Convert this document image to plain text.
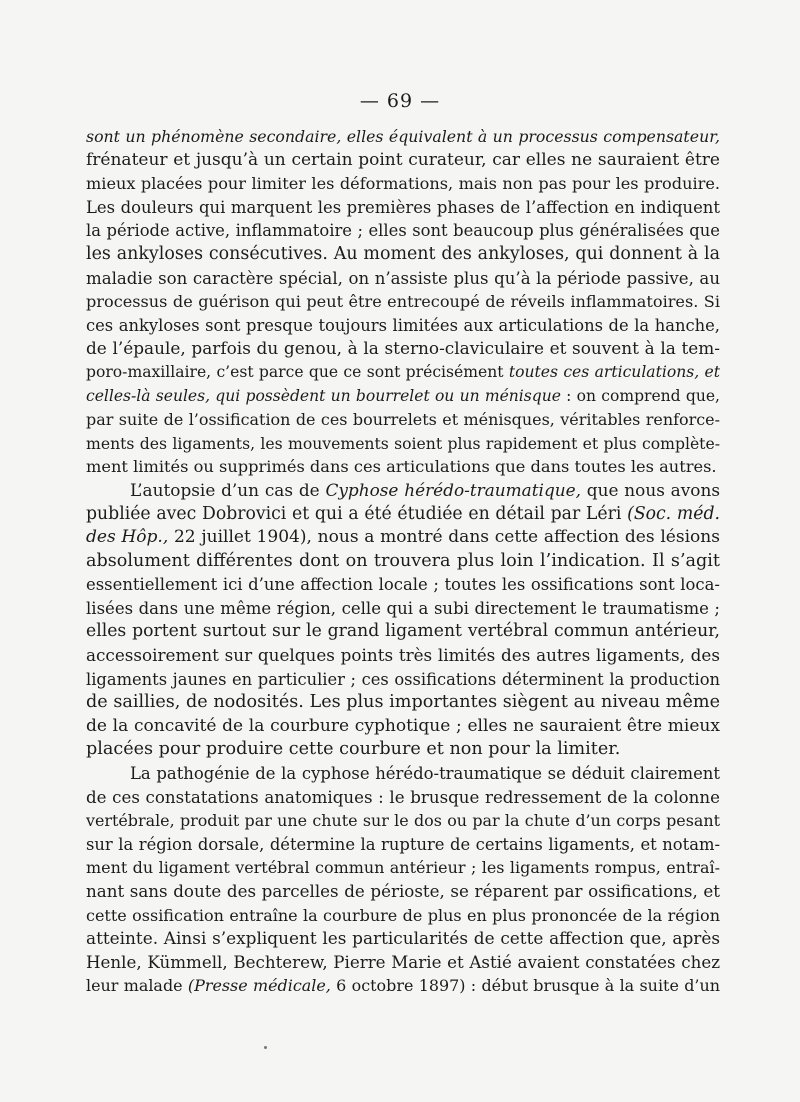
— 69 —
sont un phénomène secondaire, elles équivalent à un processus compensateur,
frénateur et jusqu’à un certain point curateur, car elles ne sauraient être
mieux placées pour limiter les déformations, mais non pas pour les produire.
Les douleurs qui marquent les premières phases de l’affection en indiquent
la période active, inflammatoire ; elles sont beaucoup plus généralisées que
les ankyloses consécutives. Au moment des ankyloses, qui donnent à la
maladie son caractère spécial, on n’assiste plus qu’à la période passive, au
processus de guérison qui peut être entrecoupé de réveils inflammatoires. Si
ces ankyloses sont presque toujours limitées aux articulations de la hanche,
de l’épaule, parfois du genou, à la sterno-claviculaire et souvent à la tem-
poro-maxillaire, c’est parce que ce sont précisément toutes ces articulations, et
celles-là seules, qui possèdent un bourrelet ou un ménisque : on comprend que,
par suite de l’ossification de ces bourrelets et ménisques, véritables renforce-
ments des ligaments, les mouvements soient plus rapidement et plus complète-
ment limités ou supprimés dans ces articulations que dans toutes les autres.
L’autopsie d’un cas de Cyphose hérédo-traumatique, que nous avons
publiée avec Dobrovici et qui a été étudiée en détail par Léri (Soc. méd.
des Hôp., 22 juillet 1904), nous a montré dans cette affection des lésions
absolument différentes dont on trouvera plus loin l’indication. Il s’agit
essentiellement ici d’une affection locale ; toutes les ossifications sont loca-
lisées dans une même région, celle qui a subi directement le traumatisme ;
elles portent surtout sur le grand ligament vertébral commun antérieur,
accessoirement sur quelques points très limités des autres ligaments, des
ligaments jaunes en particulier ; ces ossifications déterminent la production
de saillies, de nodosités. Les plus importantes siègent au niveau même
de la concavité de la courbure cyphotique ; elles ne sauraient être mieux
placées pour produire cette courbure et non pour la limiter.
La pathogénie de la cyphose hérédo-traumatique se déduit clairement
de ces constatations anatomiques : le brusque redressement de la colonne
vertébrale, produit par une chute sur le dos ou par la chute d’un corps pesant
sur la région dorsale, détermine la rupture de certains ligaments, et notam-
ment du ligament vertébral commun antérieur ; les ligaments rompus, entraî-
nant sans doute des parcelles de périoste, se réparent par ossifications, et
cette ossification entraîne la courbure de plus en plus prononcée de la région
atteinte. Ainsi s’expliquent les particularités de cette affection que, après
Henle, Kümmell, Bechterew, Pierre Marie et Astié avaient constatées chez
leur malade (Presse médicale, 6 octobre 1897) : début brusque à la suite d’un
